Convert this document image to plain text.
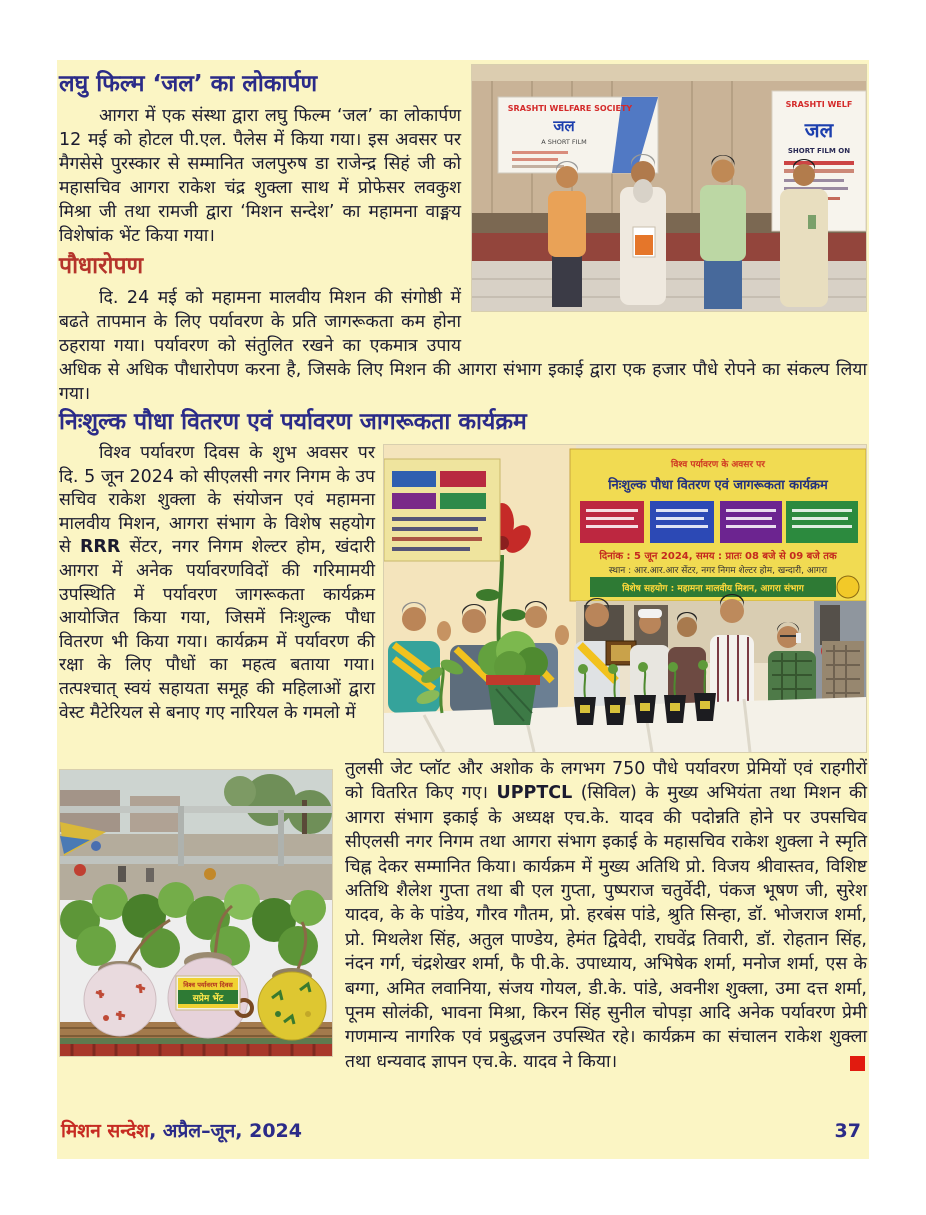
SRASHTI WELFARE SOCIETY
जल
A SHORT FILM
SRASHTI WELF
जल
SHORT FILM ON
लघु फिल्म ‘जल’ का लोकार्पण

आगरा में एक संस्था द्वारा लघु फिल्म ‘जल’ का लोकार्पण 12 मई को होटल पी.एल. पैलेस में किया गया। इस अवसर पर मैगसेसे पुरस्कार से सम्मानित जलपुरुष डा राजेन्द्र सिहं जी को महासचिव आगरा राकेश चंद्र शुक्ला साथ में प्रोफेसर लवकुश मिश्रा जी तथा रामजी द्वारा ‘मिशन सन्देश’ का महामना वाङ्मय विशेषांक भेंट किया गया।

पौधारोपण

दि. 24 मई को महामना मालवीय मिशन की संगोष्ठी में बढते तापमान के लिए पर्यावरण के प्रति जागरूकता कम होना ठहराया गया। पर्यावरण को संतुलित रखने का एकमात्र उपाय अधिक से अधिक पौधारोपण करना है, जिसके लिए मिशन की आगरा संभाग इकाई द्वारा एक हजार पौधे रोपने का संकल्प लिया गया।

निःशुल्क पौधा वितरण एवं पर्यावरण जागरूकता कार्यक्रम
विश्व पर्यावरण के अवसर पर
निःशुल्क पौधा वितरण एवं जागरूकता कार्यक्रम
दिनांक : 5 जून 2024, समय : प्रातः 08 बजे से 09 बजे तक
स्थान : आर.आर.आर सेंटर, नगर निगम शेल्टर होम, खन्दारी, आगरा
विशेष सहयोग : महामना मालवीय मिशन, आगरा संभाग

विश्व पर्यावरण दिवस के शुभ अवसर पर दि. 5 जून 2024 को सीएलसी नगर निगम के उप सचिव राकेश शुक्ला के संयोजन एवं महामना मालवीय मिशन, आगरा संभाग के विशेष सहयोग से RRR सेंटर, नगर निगम शेल्टर होम, खंदारी आगरा में अनेक पर्यावरणविदों की गरिमामयी उपस्थिति में पर्यावरण जागरूकता कार्यक्रम आयोजित किया गया, जिसमें निःशुल्क पौधा वितरण भी किया गया। कार्यक्रम में पर्यावरण की रक्षा के लिए पौधों का महत्व बताया गया। तत्पश्चात् स्वयं सहायता समूह की महिलाओं द्वारा वेस्ट मैटेरियल से बनाए गए नारियल के गमलो में

विश्व पर्यावरण दिवस
सप्रेम भेंट
तुलसी जेट प्लॉट और अशोक के लगभग 750 पौधे पर्यावरण प्रेमियों एवं राहगीरों को वितरित किए गए। UPPTCL (सिविल) के मुख्य अभियंता तथा मिशन की आगरा संभाग इकाई के अध्यक्ष एच.के. यादव की पदोन्नति होने पर उपसचिव सीएलसी नगर निगम तथा आगरा संभाग इकाई के महासचिव राकेश शुक्ला ने स्मृति चिह्न देकर सम्मानित किया। कार्यक्रम में मुख्य अतिथि प्रो. विजय श्रीवास्तव, विशिष्ट अतिथि शैलेश गुप्ता तथा बी एल गुप्ता, पुष्पराज चतुर्वेदी, पंकज भूषण जी, सुरेश यादव, के के पांडेय, गौरव गौतम, प्रो. हरबंस पांडे, श्रुति सिन्हा, डॉ. भोजराज शर्मा, प्रो. मिथलेश सिंह, अतुल पाण्डेय, हेमंत द्विवेदी, राघवेंद्र तिवारी, डॉ. रोहतान सिंह, नंदन गर्ग, चंद्रशेखर शर्मा, फै पी.के. उपाध्याय, अभिषेक शर्मा, मनोज शर्मा, एस के बग्गा, अमित लवानिया, संजय गोयल, डी.के. पांडे, अवनीश शुक्ला, उमा दत्त शर्मा, पूनम सोलंकी, भावना मिश्रा, किरन सिंह सुनील चोपड़ा आदि अनेक पर्यावरण प्रेमी गणमान्य नागरिक एवं प्रबुद्धजन उपस्थित रहे। कार्यक्रम का संचालन राकेश शुक्ला तथा धन्यवाद ज्ञापन एच.के. यादव ने किया।

मिशन सन्देश, अप्रैल–जून, 2024	37
